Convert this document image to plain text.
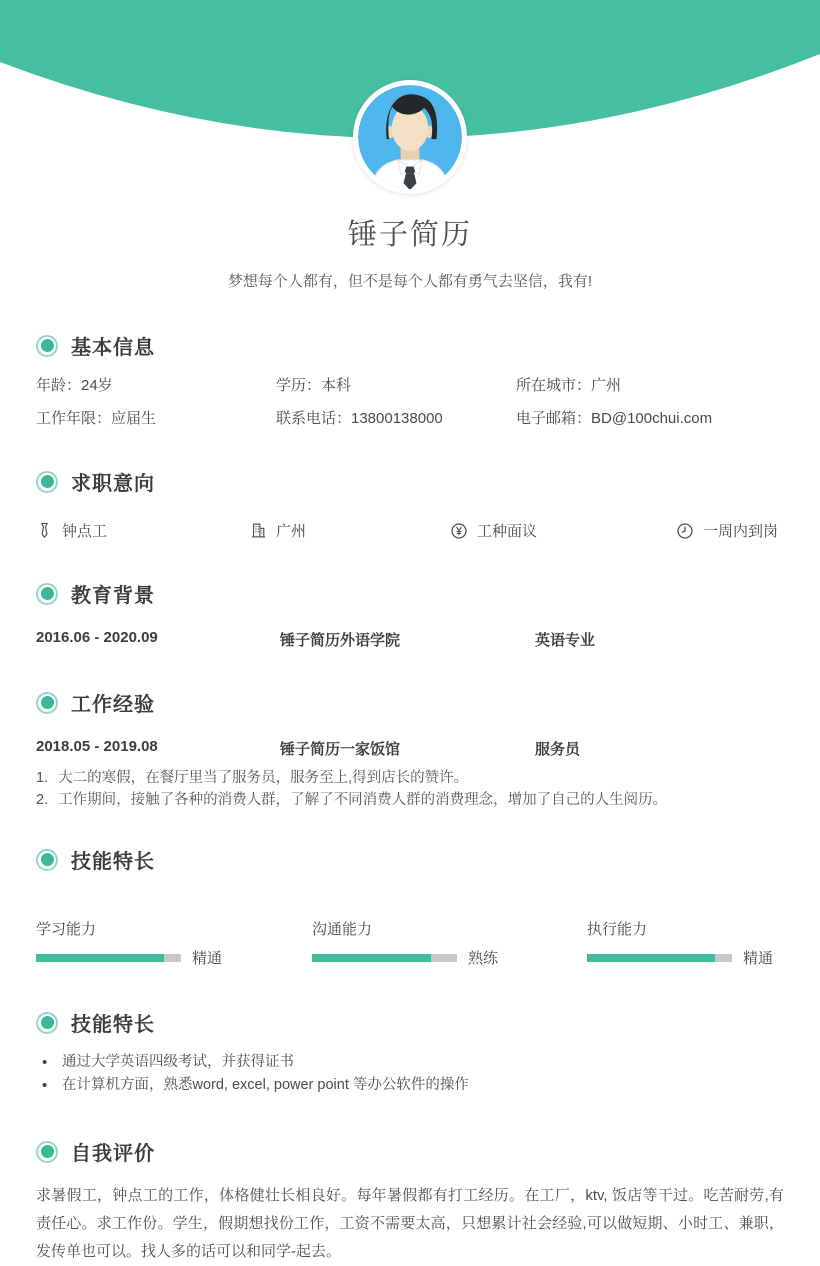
锤子简历
梦想每个人都有，但不是每个人都有勇气去坚信，我有!
基本信息
年龄：24岁	学历：本科	所在城市：广州
工作年限：应届生	联系电话：13800138000	电子邮箱：BD@100chui.com
求职意向
钟点工	广州	工种面议	一周内到岗
教育背景
2016.06 - 2020.09	锤子简历外语学院	英语专业
工作经验
2018.05 - 2019.08	锤子简历一家饭馆	服务员
1. 大二的寒假，在餐厅里当了服务员，服务至上,得到店长的赞许。
2. 工作期间，接触了各种的消费人群，了解了不同消费人群的消费理念，增加了自己的人生阅历。
技能特长
学习能力
精通
沟通能力
熟练
执行能力
精通
技能特长
• 通过大学英语四级考试，并获得证书
• 在计算机方面，熟悉word, excel, power point 等办公软件的操作
自我评价
求暑假工，钟点工的工作，体格健壮长相良好。每年暑假都有打工经历。在工厂，ktv, 饭店等干过。吃苦耐劳,有责任心。求工作份。学生，假期想找份工作，工资不需要太高，只想累计社会经验,可以做短期、小时工、兼职，发传单也可以。找人多的话可以和同学-起去。
